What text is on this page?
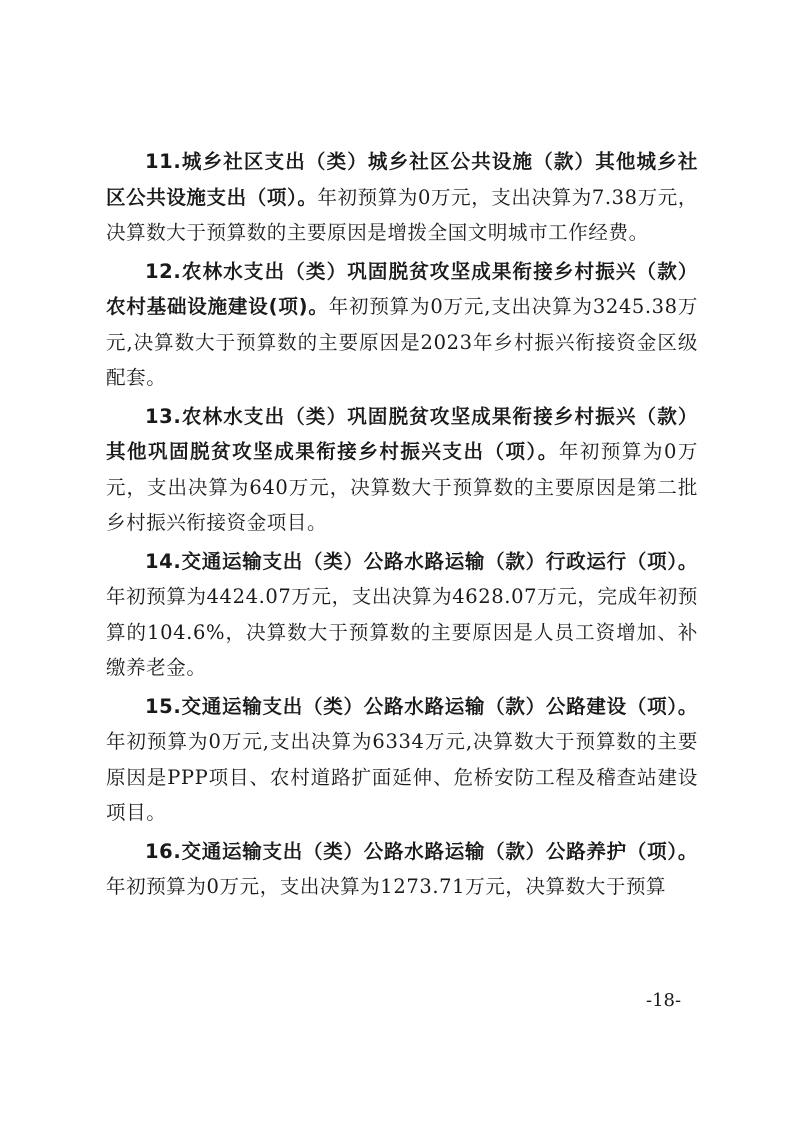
11.城乡社区支出（类）城乡社区公共设施（款）其他城乡社区公共设施支出（项）。年初预算为0万元，支出决算为7.38万元，决算数大于预算数的主要原因是增拨全国文明城市工作经费。

12.农林水支出（类）巩固脱贫攻坚成果衔接乡村振兴（款）农村基础设施建设(项)。年初预算为0万元,支出决算为3245.38万元,决算数大于预算数的主要原因是2023年乡村振兴衔接资金区级配套。

13.农林水支出（类）巩固脱贫攻坚成果衔接乡村振兴（款）其他巩固脱贫攻坚成果衔接乡村振兴支出（项）。年初预算为0万元，支出决算为640万元，决算数大于预算数的主要原因是第二批乡村振兴衔接资金项目。

14.交通运输支出（类）公路水路运输（款）行政运行（项）。年初预算为4424.07万元，支出决算为4628.07万元，完成年初预算的104.6%，决算数大于预算数的主要原因是人员工资增加、补缴养老金。

15.交通运输支出（类）公路水路运输（款）公路建设（项）。年初预算为0万元,支出决算为6334万元,决算数大于预算数的主要原因是PPP项目、农村道路扩面延伸、危桥安防工程及稽查站建设项目。

16.交通运输支出（类）公路水路运输（款）公路养护（项）。年初预算为0万元，支出决算为1273.71万元，决算数大于预算

-18-
